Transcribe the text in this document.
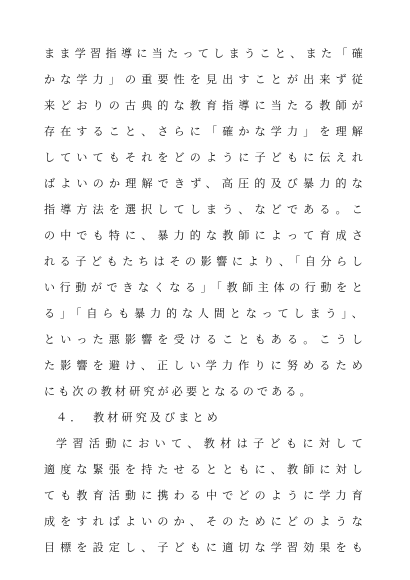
まま学習指導に当たってしまうこと、また「確
かな学力」の重要性を見出すことが出来ず従
来どおりの古典的な教育指導に当たる教師が
存在すること、さらに「確かな学力」を理解
していてもそれをどのように子どもに伝えれ
ばよいのか理解できず、高圧的及び暴力的な
指導方法を選択してしまう、などである。こ
の中でも特に、暴力的な教師によって育成さ
れる子どもたちはその影響により、「自分らし
い行動ができなくなる」「教師主体の行動をと
る」「自らも暴力的な人間となってしまう」、
といった悪影響を受けることもある。こうし
た影響を避け、正しい学力作りに努めるため
にも次の教材研究が必要となるのである。
４．　教材研究及びまとめ
学習活動において、教材は子どもに対して
適度な緊張を持たせるとともに、教師に対し
ても教育活動に携わる中でどのように学力育
成をすればよいのか、そのためにどのような
目標を設定し、子どもに適切な学習効果をも
